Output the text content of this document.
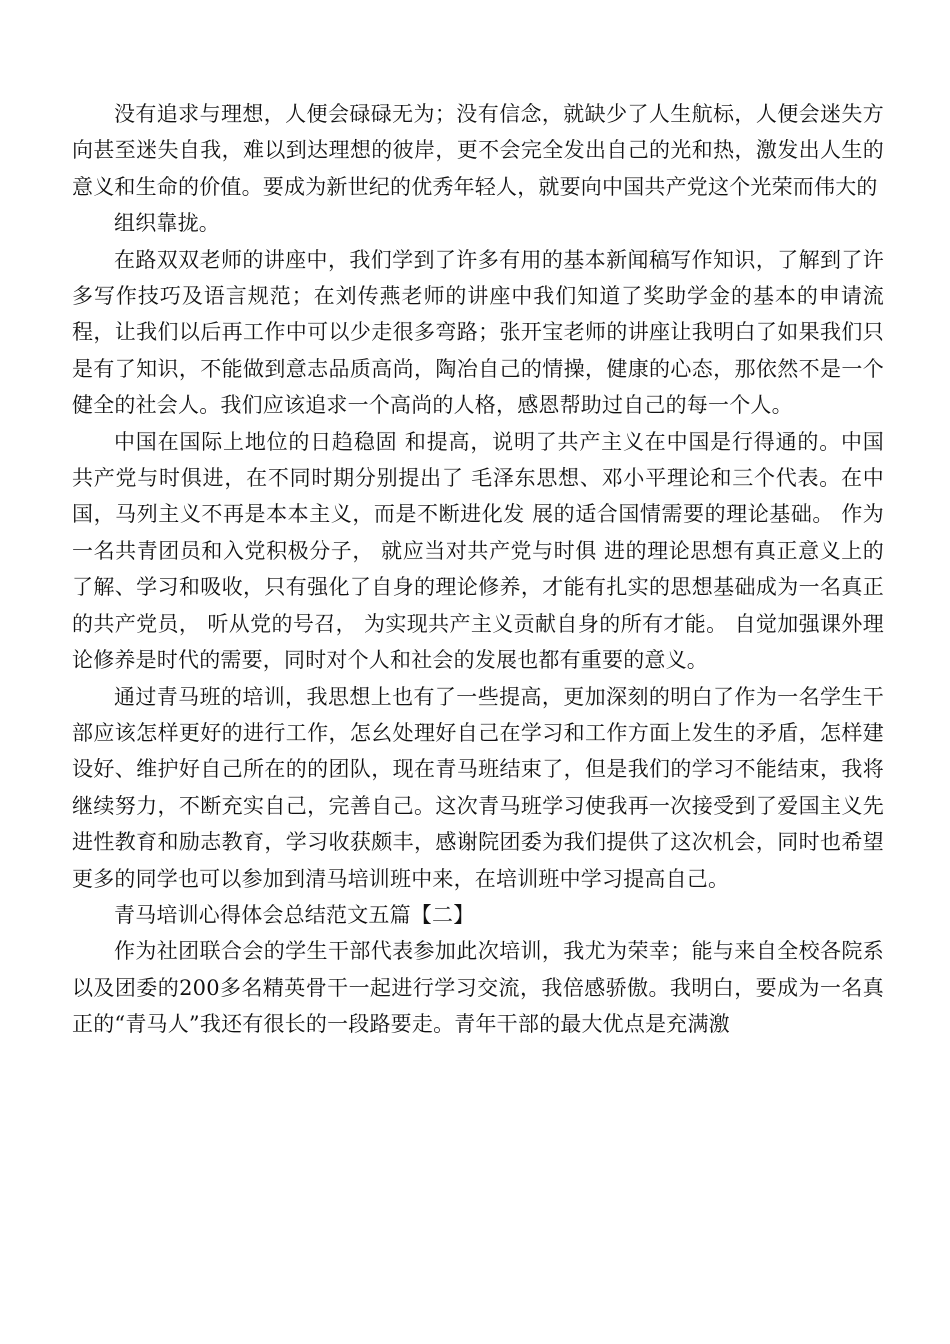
没有追求与理想，人便会碌碌无为；没有信念，就缺少了人生航标，人便会迷失方向甚至迷失自我，难以到达理想的彼岸，更不会完全发出自己的光和热，激发出人生的意义和生命的价值。要成为新世纪的优秀年轻人，就要向中国共产党这个光荣而伟大的

组织靠拢。

在路双双老师的讲座中，我们学到了许多有用的基本新闻稿写作知识，了解到了许多写作技巧及语言规范；在刘传燕老师的讲座中我们知道了奖助学金的基本的申请流程，让我们以后再工作中可以少走很多弯路；张开宝老师的讲座让我明白了如果我们只是有了知识，不能做到意志品质高尚，陶冶自己的情操，健康的心态，那依然不是一个健全的社会人。我们应该追求一个高尚的人格，感恩帮助过自己的每一个人。

中国在国际上地位的日趋稳固 和提高，说明了共产主义在中国是行得通的。中国共产党与时俱进，在不同时期分别提出了 毛泽东思想、邓小平理论和三个代表。在中国，马列主义不再是本本主义，而是不断进化发 展的适合国情需要的理论基础。 作为一名共青团员和入党积极分子， 就应当对共产党与时俱 进的理论思想有真正意义上的了解、学习和吸收，只有强化了自身的理论修养，才能有扎实的思想基础成为一名真正的共产党员， 听从党的号召， 为实现共产主义贡献自身的所有才能。 自觉加强课外理论修养是时代的需要，同时对个人和社会的发展也都有重要的意义。

通过青马班的培训，我思想上也有了一些提高，更加深刻的明白了作为一名学生干部应该怎样更好的进行工作，怎幺处理好自己在学习和工作方面上发生的矛盾，怎样建设好、维护好自己所在的的团队，现在青马班结束了，但是我们的学习不能结束，我将继续努力，不断充实自己，完善自己。这次青马班学习使我再一次接受到了爱国主义先进性教育和励志教育，学习收获颇丰，感谢院团委为我们提供了这次机会，同时也希望更多的同学也可以参加到清马培训班中来，在培训班中学习提高自己。

青马培训心得体会总结范文五篇【二】

作为社团联合会的学生干部代表参加此次培训，我尤为荣幸；能与来自全校各院系以及团委的200多名精英骨干一起进行学习交流，我倍感骄傲。我明白，要成为一名真正的“青马人”我还有很长的一段路要走。青年干部的最大优点是充满激
